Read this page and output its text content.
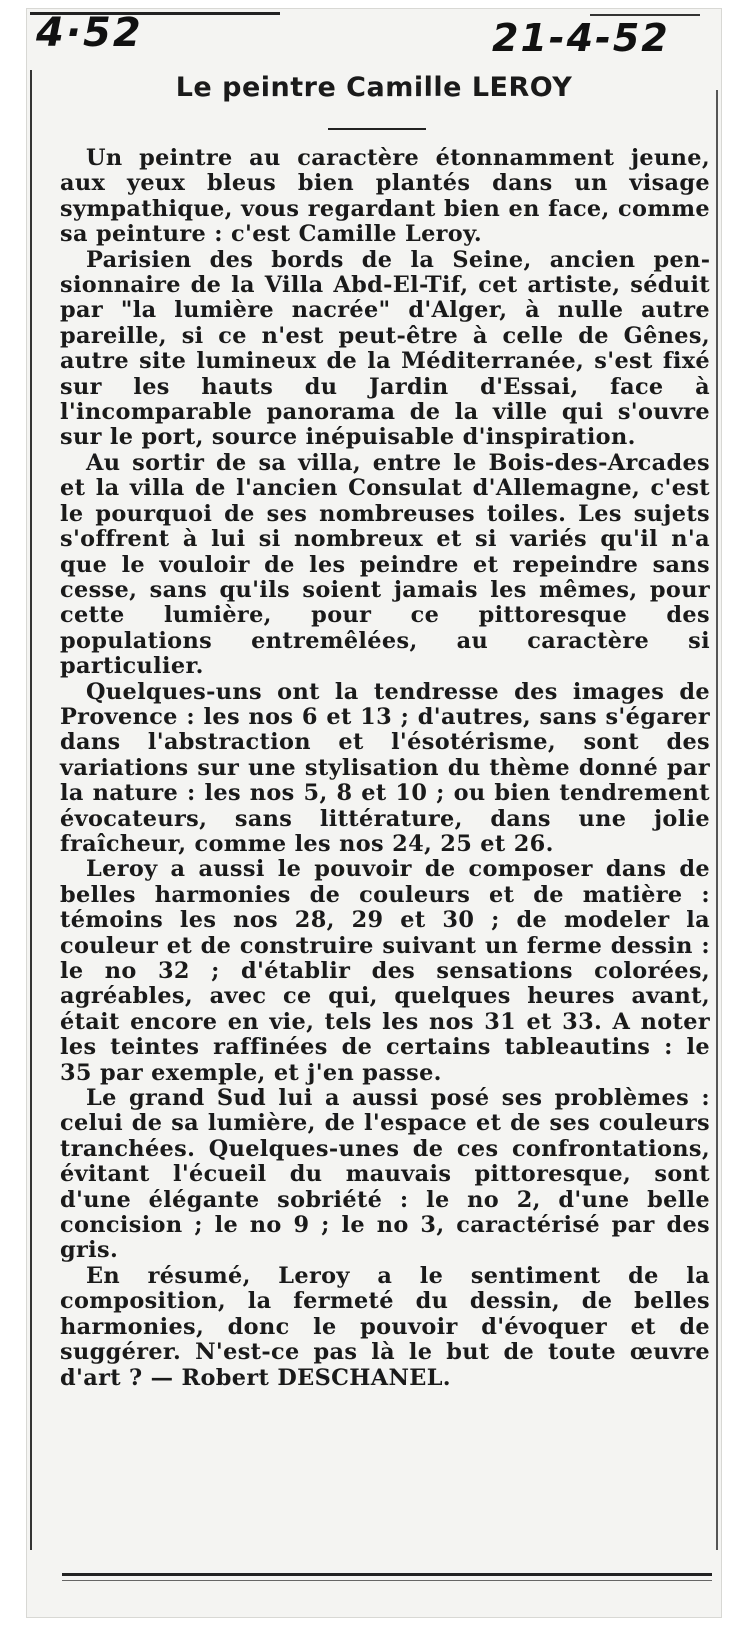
4·52	21-4-52
Le peintre Camille LEROY

Un peintre au caractère étonnamment jeune, aux yeux bleus bien plantés dans un visage sympathique, vous regardant bien en face, comme sa peinture : c'est Camille Leroy.

Parisien des bords de la Seine, ancien pensionnaire de la Villa Abd-El-Tif, cet artiste, séduit par "la lumière nacrée" d'Alger, à nulle autre pareille, si ce n'est peut-être à celle de Gênes, autre site lumineux de la Méditerranée, s'est fixé sur les hauts du Jardin d'Essai, face à l'incomparable panorama de la ville qui s'ouvre sur le port, source inépuisable d'inspiration.

Au sortir de sa villa, entre le Bois-des-Arcades et la villa de l'ancien Consulat d'Allemagne, c'est le pourquoi de ses nombreuses toiles. Les sujets s'offrent à lui si nombreux et si variés qu'il n'a que le vouloir de les peindre et repeindre sans cesse, sans qu'ils soient jamais les mêmes, pour cette lumière, pour ce pittoresque des populations entremêlées, au caractère si particulier.

Quelques-uns ont la tendresse des images de Provence : les nos 6 et 13 ; d'autres, sans s'égarer dans l'abstraction et l'ésotérisme, sont des variations sur une stylisation du thème donné par la nature : les nos 5, 8 et 10 ; ou bien tendrement évocateurs, sans littérature, dans une jolie fraîcheur, comme les nos 24, 25 et 26.

Leroy a aussi le pouvoir de composer dans de belles harmonies de couleurs et de matière : témoins les nos 28, 29 et 30 ; de modeler la couleur et de construire suivant un ferme dessin : le no 32 ; d'établir des sensations colorées, agréables, avec ce qui, quelques heures avant, était encore en vie, tels les nos 31 et 33. A noter les teintes raffinées de certains tableautins : le 35 par exemple, et j'en passe.

Le grand Sud lui a aussi posé ses problèmes : celui de sa lumière, de l'espace et de ses couleurs tranchées. Quelques-unes de ces confrontations, évitant l'écueil du mauvais pittoresque, sont d'une élégante sobriété : le no 2, d'une belle concision ; le no 9 ; le no 3, caractérisé par des gris.

En résumé, Leroy a le sentiment de la composition, la fermeté du dessin, de belles harmonies, donc le pouvoir d'évoquer et de suggérer. N'est-ce pas là le but de toute œuvre d'art ? — Robert DESCHANEL.
